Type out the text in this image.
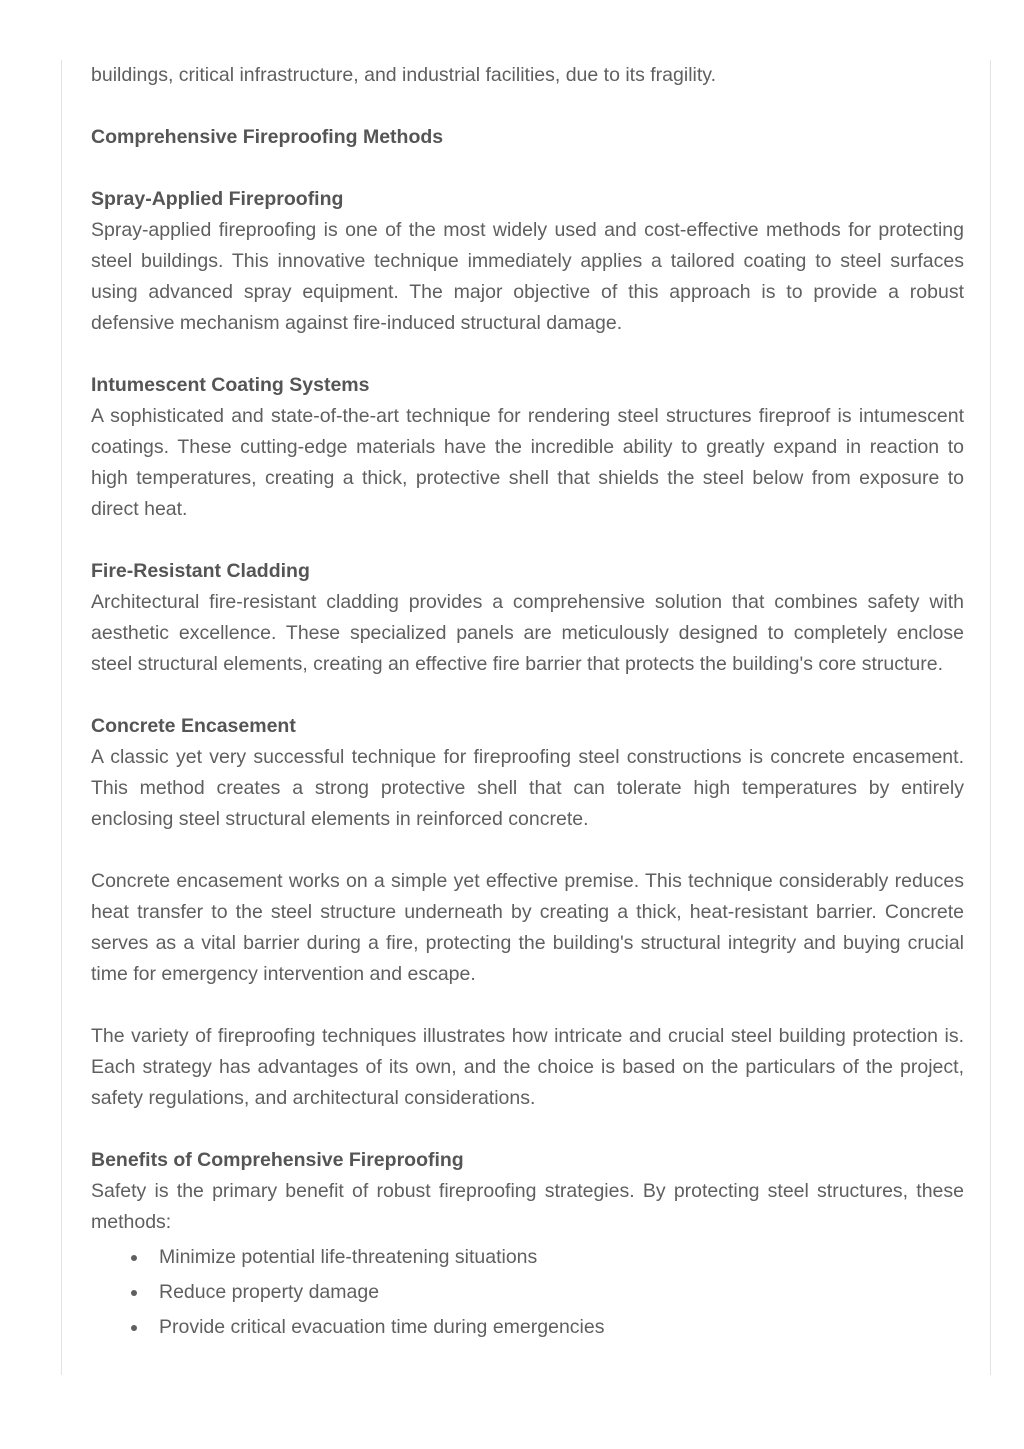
buildings, critical infrastructure, and industrial facilities, due to its fragility.

Comprehensive Fireproofing Methods
Spray-Applied Fireproofing

Spray-applied fireproofing is one of the most widely used and cost-effective methods for protecting steel buildings. This innovative technique immediately applies a tailored coating to steel surfaces using advanced spray equipment. The major objective of this approach is to provide a robust defensive mechanism against fire-induced structural damage.

Intumescent Coating Systems

A sophisticated and state-of-the-art technique for rendering steel structures fireproof is intumescent coatings. These cutting-edge materials have the incredible ability to greatly expand in reaction to high temperatures, creating a thick, protective shell that shields the steel below from exposure to direct heat.

Fire-Resistant Cladding

Architectural fire-resistant cladding provides a comprehensive solution that combines safety with aesthetic excellence. These specialized panels are meticulously designed to completely enclose steel structural elements, creating an effective fire barrier that protects the building's core structure.

Concrete Encasement

A classic yet very successful technique for fireproofing steel constructions is concrete encasement. This method creates a strong protective shell that can tolerate high temperatures by entirely enclosing steel structural elements in reinforced concrete.

Concrete encasement works on a simple yet effective premise. This technique considerably reduces heat transfer to the steel structure underneath by creating a thick, heat-resistant barrier. Concrete serves as a vital barrier during a fire, protecting the building's structural integrity and buying crucial time for emergency intervention and escape.

The variety of fireproofing techniques illustrates how intricate and crucial steel building protection is. Each strategy has advantages of its own, and the choice is based on the particulars of the project, safety regulations, and architectural considerations.

Benefits of Comprehensive Fireproofing

Safety is the primary benefit of robust fireproofing strategies. By protecting steel structures, these methods:

Minimize potential life-threatening situations
Reduce property damage
Provide critical evacuation time during emergencies
